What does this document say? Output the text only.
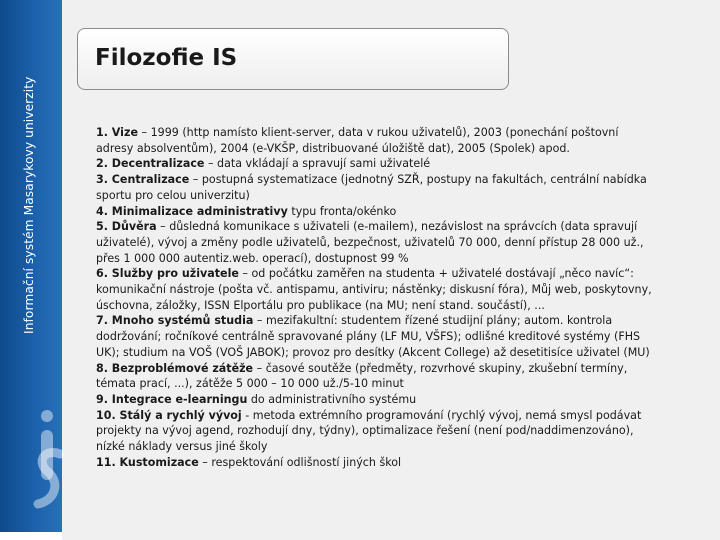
Informační systém Masarykovy univerzity
Filozofie IS

1. Vize – 1999 (http namísto klient-server, data v rukou uživatelů), 2003 (ponechání poštovní adresy absolventům), 2004 (e-VKŠP, distribuované úložiště dat), 2005 (Spolek) apod.

2. Decentralizace – data vkládají a spravují sami uživatelé

3. Centralizace – postupná systematizace (jednotný SZŘ, postupy na fakultách, centrální nabídka sportu pro celou univerzitu)

4. Minimalizace administrativy typu fronta/okénko

5. Důvěra – důsledná komunikace s uživateli (e-mailem), nezávislost na správcích (data spravují uživatelé), vývoj a změny podle uživatelů, bezpečnost, uživatelů 70 000, denní přístup 28 000 už., přes 1 000 000 autentiz.web. operací), dostupnost 99 %

6. Služby pro uživatele – od počátku zaměřen na studenta + uživatelé dostávají „něco navíc“: komunikační nástroje (pošta vč. antispamu, antiviru; nástěnky; diskusní fóra), Můj web, poskytovny, úschovna, záložky, ISSN Elportálu pro publikace (na MU; není stand. součástí), ...

7. Mnoho systémů studia – mezifakultní: studentem řízené studijní plány; autom. kontrola dodržování; ročníkové centrálně spravované plány (LF MU, VŠFS); odlišné kreditové systémy (FHS UK); studium na VOŠ (VOŠ JABOK); provoz pro desítky (Akcent College) až desetitisíce uživatel (MU)

8. Bezproblémové zátěže – časové soutěže (předměty, rozvrhové skupiny, zkušební termíny, témata prací, ...), zátěže 5 000 – 10 000 už./5-10 minut

9. Integrace e-learningu do administrativního systému

10. Stálý a rychlý vývoj - metoda extrémního programování (rychlý vývoj, nemá smysl podávat projekty na vývoj agend, rozhodují dny, týdny), optimalizace řešení (není pod/naddimenzováno), nízké náklady versus jiné školy

11. Kustomizace – respektování odlišností jiných škol
